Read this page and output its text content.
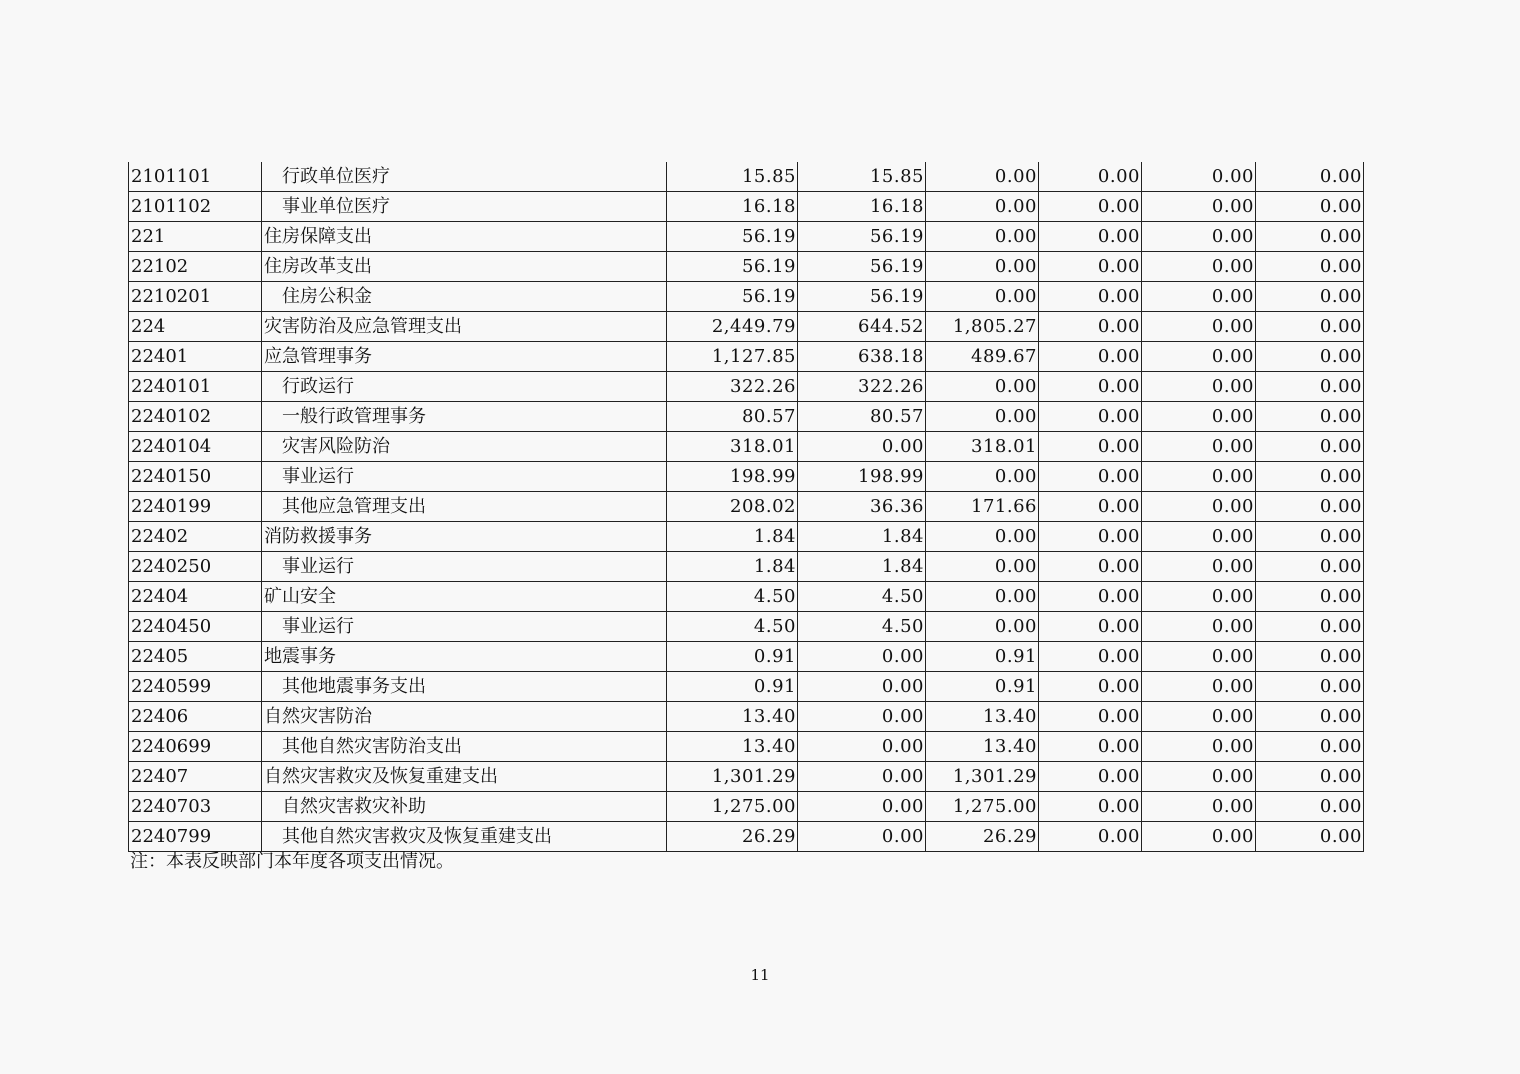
2101101	行政单位医疗	15.85	15.85	0.00	0.00	0.00	0.00
2101102	事业单位医疗	16.18	16.18	0.00	0.00	0.00	0.00
221	住房保障支出	56.19	56.19	0.00	0.00	0.00	0.00
22102	住房改革支出	56.19	56.19	0.00	0.00	0.00	0.00
2210201	住房公积金	56.19	56.19	0.00	0.00	0.00	0.00
224	灾害防治及应急管理支出	2,449.79	644.52	1,805.27	0.00	0.00	0.00
22401	应急管理事务	1,127.85	638.18	489.67	0.00	0.00	0.00
2240101	行政运行	322.26	322.26	0.00	0.00	0.00	0.00
2240102	一般行政管理事务	80.57	80.57	0.00	0.00	0.00	0.00
2240104	灾害风险防治	318.01	0.00	318.01	0.00	0.00	0.00
2240150	事业运行	198.99	198.99	0.00	0.00	0.00	0.00
2240199	其他应急管理支出	208.02	36.36	171.66	0.00	0.00	0.00
22402	消防救援事务	1.84	1.84	0.00	0.00	0.00	0.00
2240250	事业运行	1.84	1.84	0.00	0.00	0.00	0.00
22404	矿山安全	4.50	4.50	0.00	0.00	0.00	0.00
2240450	事业运行	4.50	4.50	0.00	0.00	0.00	0.00
22405	地震事务	0.91	0.00	0.91	0.00	0.00	0.00
2240599	其他地震事务支出	0.91	0.00	0.91	0.00	0.00	0.00
22406	自然灾害防治	13.40	0.00	13.40	0.00	0.00	0.00
2240699	其他自然灾害防治支出	13.40	0.00	13.40	0.00	0.00	0.00
22407	自然灾害救灾及恢复重建支出	1,301.29	0.00	1,301.29	0.00	0.00	0.00
2240703	自然灾害救灾补助	1,275.00	0.00	1,275.00	0.00	0.00	0.00
2240799	其他自然灾害救灾及恢复重建支出	26.29	0.00	26.29	0.00	0.00	0.00
注：本表反映部门本年度各项支出情况。
11
